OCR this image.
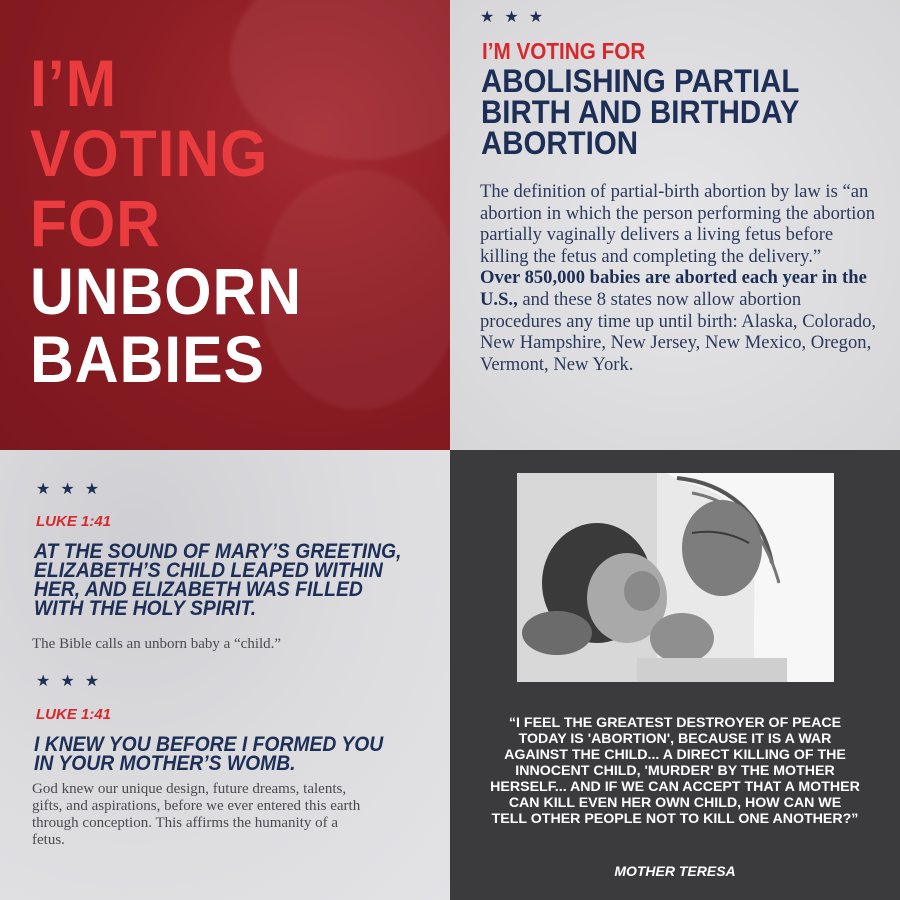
I’M
VOTING
FOR
UNBORN
BABIES
★★★
I’M VOTING FOR
ABOLISHING PARTIAL
BIRTH AND BIRTHDAY
ABORTION
The definition of partial-birth abortion by law is “an abortion in which the person performing the abortion partially vaginally delivers a living fetus before killing the fetus and completing the delivery.”
Over 850,000 babies are aborted each year in the U.S., and these 8 states now allow abortion procedures any time up until birth: Alaska, Colorado, New Hampshire, New Jersey, New Mexico, Oregon, Vermont, New York.
★★★
LUKE 1:41
AT THE SOUND OF MARY’S GREETING, ELIZABETH’S CHILD LEAPED WITHIN HER, AND ELIZABETH WAS FILLED WITH THE HOLY SPIRIT.
The Bible calls an unborn baby a “child.”
★★★
LUKE 1:41
I KNEW YOU BEFORE I FORMED YOU IN YOUR MOTHER’S WOMB.
God knew our unique design, future dreams, talents, gifts, and aspirations, before we ever entered this earth through conception. This affirms the humanity of a fetus.
“I FEEL THE GREATEST DESTROYER OF PEACE TODAY IS 'ABORTION', BECAUSE IT IS A WAR AGAINST THE CHILD... A DIRECT KILLING OF THE INNOCENT CHILD, 'MURDER' BY THE MOTHER HERSELF... AND IF WE CAN ACCEPT THAT A MOTHER CAN KILL EVEN HER OWN CHILD, HOW CAN WE TELL OTHER PEOPLE NOT TO KILL ONE ANOTHER?”
MOTHER TERESA
